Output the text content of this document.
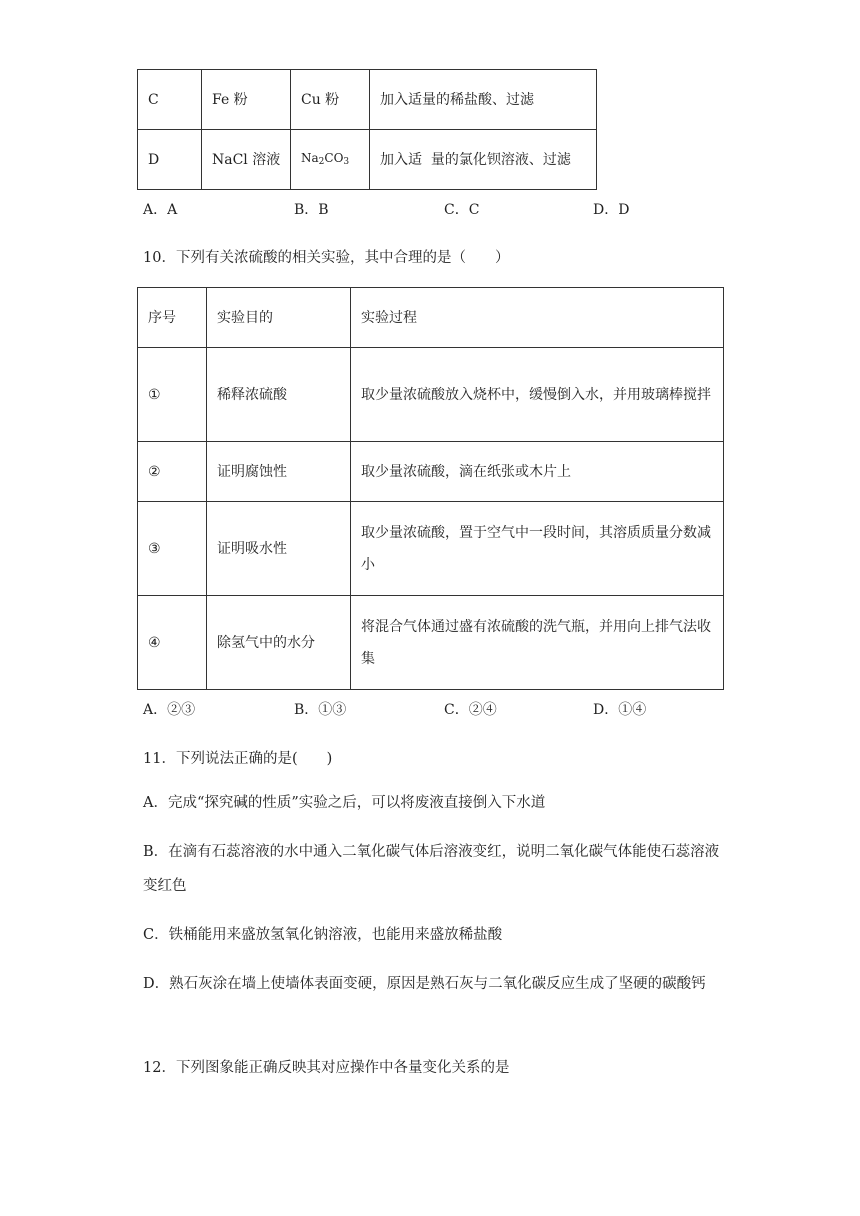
C	Fe 粉	Cu 粉	加入适量的稀盐酸、过滤
D	NaCl 溶液	$Na_2CO_3$	加入适  量的氯化钡溶液、过滤
A．A	B．B	C．C	D．D
10．下列有关浓硫酸的相关实验，其中合理的是（　　）
序号	实验目的	实验过程
①	稀释浓硫酸	取少量浓硫酸放入烧杯中，缓慢倒入水，并用玻璃棒搅拌
②	证明腐蚀性	取少量浓硫酸，滴在纸张或木片上
③	证明吸水性	取少量浓硫酸，置于空气中一段时间，其溶质质量分数减小
④	除氢气中的水分	将混合气体通过盛有浓硫酸的洗气瓶，并用向上排气法收集
A．②③	B．①③	C．②④	D．①④
11．下列说法正确的是(　　)
A．完成“探究碱的性质”实验之后，可以将废液直接倒入下水道
B．在滴有石蕊溶液的水中通入二氧化碳气体后溶液变红，说明二氧化碳气体能使石蕊溶液变红色
C．铁桶能用来盛放氢氧化钠溶液，也能用来盛放稀盐酸
D．熟石灰涂在墙上使墙体表面变硬，原因是熟石灰与二氧化碳反应生成了坚硬的碳酸钙
12．下列图象能正确反映其对应操作中各量变化关系的是
